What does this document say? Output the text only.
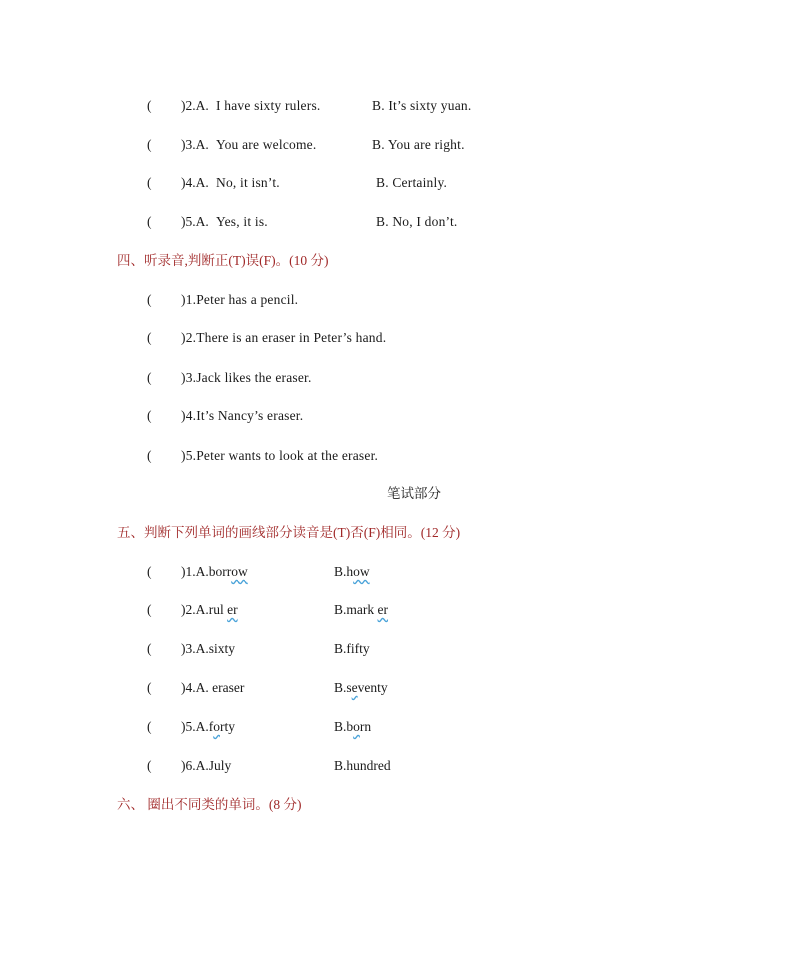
( )2.A. I have sixty rulers.	B. It’s sixty yuan.
( )3.A. You are welcome.	B. You are right.
( )4.A. No, it isn’t.	B. Certainly.
( )5.A. Yes, it is.	B. No, I don’t.
四、听录音,判断正(T)误(F)。(10 分)
( )1.Peter has a pencil.
( )2.There is an eraser in Peter’s hand.
( )3.Jack likes the eraser.
( )4.It’s Nancy’s eraser.
( )5.Peter wants to look at the eraser.
笔试部分
五、判断下列单词的画线部分读音是(T)否(F)相同。(12 分)
( )1.A.borrow	B.how
( )2.A.rul er	B.mark er
( )3.A.sixty	B.fifty
( )4.A. eraser	B.seventy
( )5.A.forty	B.born
( )6.A.July	B.hundred
六、 圈出不同类的单词。(8 分)
